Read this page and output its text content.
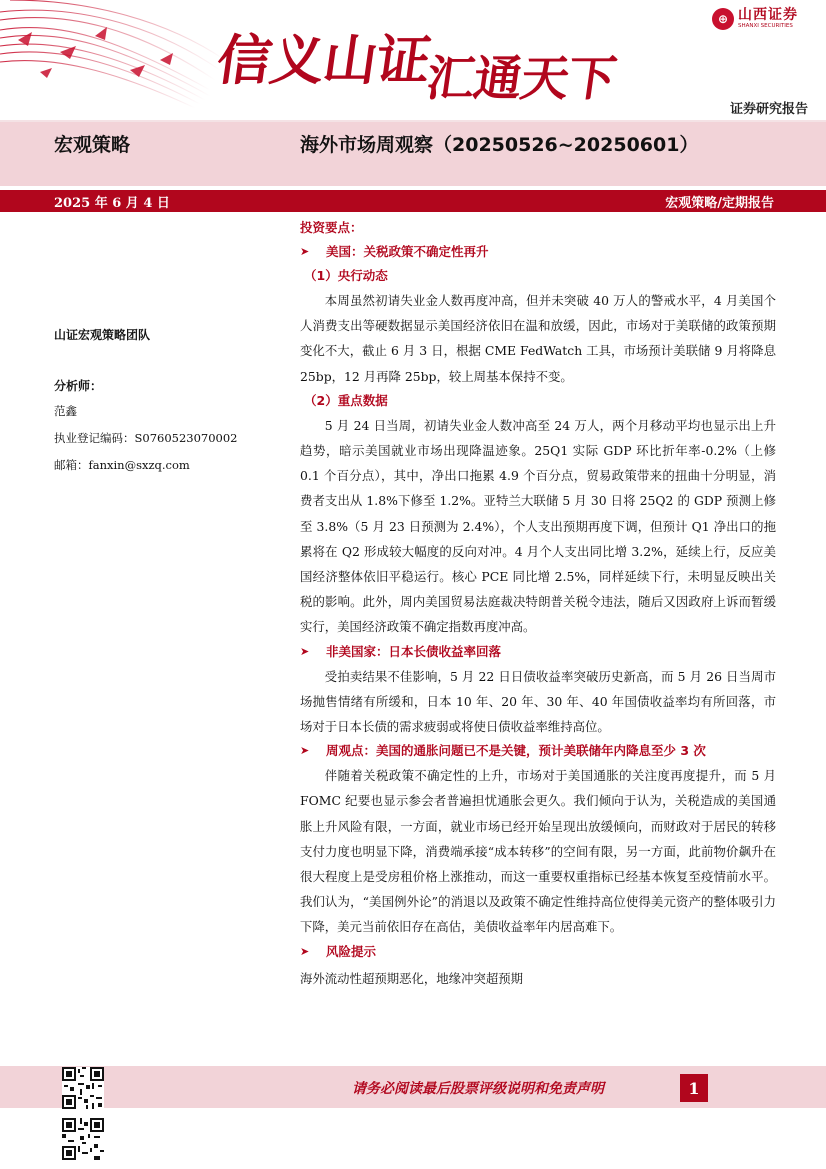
信义山证汇通天下
⊕ 山西证券
SHANXI SECURITIES
证券研究报告
宏观策略	海外市场周观察（20250526~20250601）
2025 年 6 月 4 日	宏观策略/定期报告
山证宏观策略团队
分析师：
范鑫
执业登记编码：S0760523070002
邮箱：fanxin@sxzq.com
投资要点：
➤	美国：关税政策不确定性再升
（1）央行动态

本周虽然初请失业金人数再度冲高，但并未突破 40 万人的警戒水平，4 月美国个人消费支出等硬数据显示美国经济依旧在温和放缓，因此，市场对于美联储的政策预期变化不大，截止 6 月 3 日，根据 CME FedWatch 工具，市场预计美联储 9 月将降息 25bp，12 月再降 25bp，较上周基本保持不变。

（2）重点数据

5 月 24 日当周，初请失业金人数冲高至 24 万人，两个月移动平均也显示出上升趋势，暗示美国就业市场出现降温迹象。25Q1 实际 GDP 环比折年率-0.2%（上修 0.1 个百分点），其中，净出口拖累 4.9 个百分点，贸易政策带来的扭曲十分明显，消费者支出从 1.8%下修至 1.2%。亚特兰大联储 5 月 30 日将 25Q2 的 GDP 预测上修至 3.8%（5 月 23 日预测为 2.4%），个人支出预期再度下调，但预计 Q1 净出口的拖累将在 Q2 形成较大幅度的反向对冲。4 月个人支出同比增 3.2%，延续上行，反应美国经济整体依旧平稳运行。核心 PCE 同比增 2.5%，同样延续下行，未明显反映出关税的影响。此外，周内美国贸易法庭裁决特朗普关税令违法，随后又因政府上诉而暂缓实行，美国经济政策不确定指数再度冲高。

➤	非美国家：日本长债收益率回落

受拍卖结果不佳影响，5 月 22 日日债收益率突破历史新高，而 5 月 26 日当周市场抛售情绪有所缓和，日本 10 年、20 年、30 年、40 年国债收益率均有所回落，市场对于日本长债的需求疲弱或将使日债收益率维持高位。

➤	周观点：美国的通胀问题已不是关键，预计美联储年内降息至少 3 次

伴随着关税政策不确定性的上升，市场对于美国通胀的关注度再度提升，而 5 月 FOMC 纪要也显示参会者普遍担忧通胀会更久。我们倾向于认为，关税造成的美国通胀上升风险有限，一方面，就业市场已经开始呈现出放缓倾向，而财政对于居民的转移支付力度也明显下降，消费端承接“成本转移”的空间有限，另一方面，此前物价飙升在很大程度上是受房租价格上涨推动，而这一重要权重指标已经基本恢复至疫情前水平。我们认为，“美国例外论”的消退以及政策不确定性维持高位使得美元资产的整体吸引力下降，美元当前依旧存在高估，美债收益率年内居高难下。

➤	风险提示

海外流动性超预期恶化，地缘冲突超预期

请务必阅读最后股票评级说明和免责声明	1
